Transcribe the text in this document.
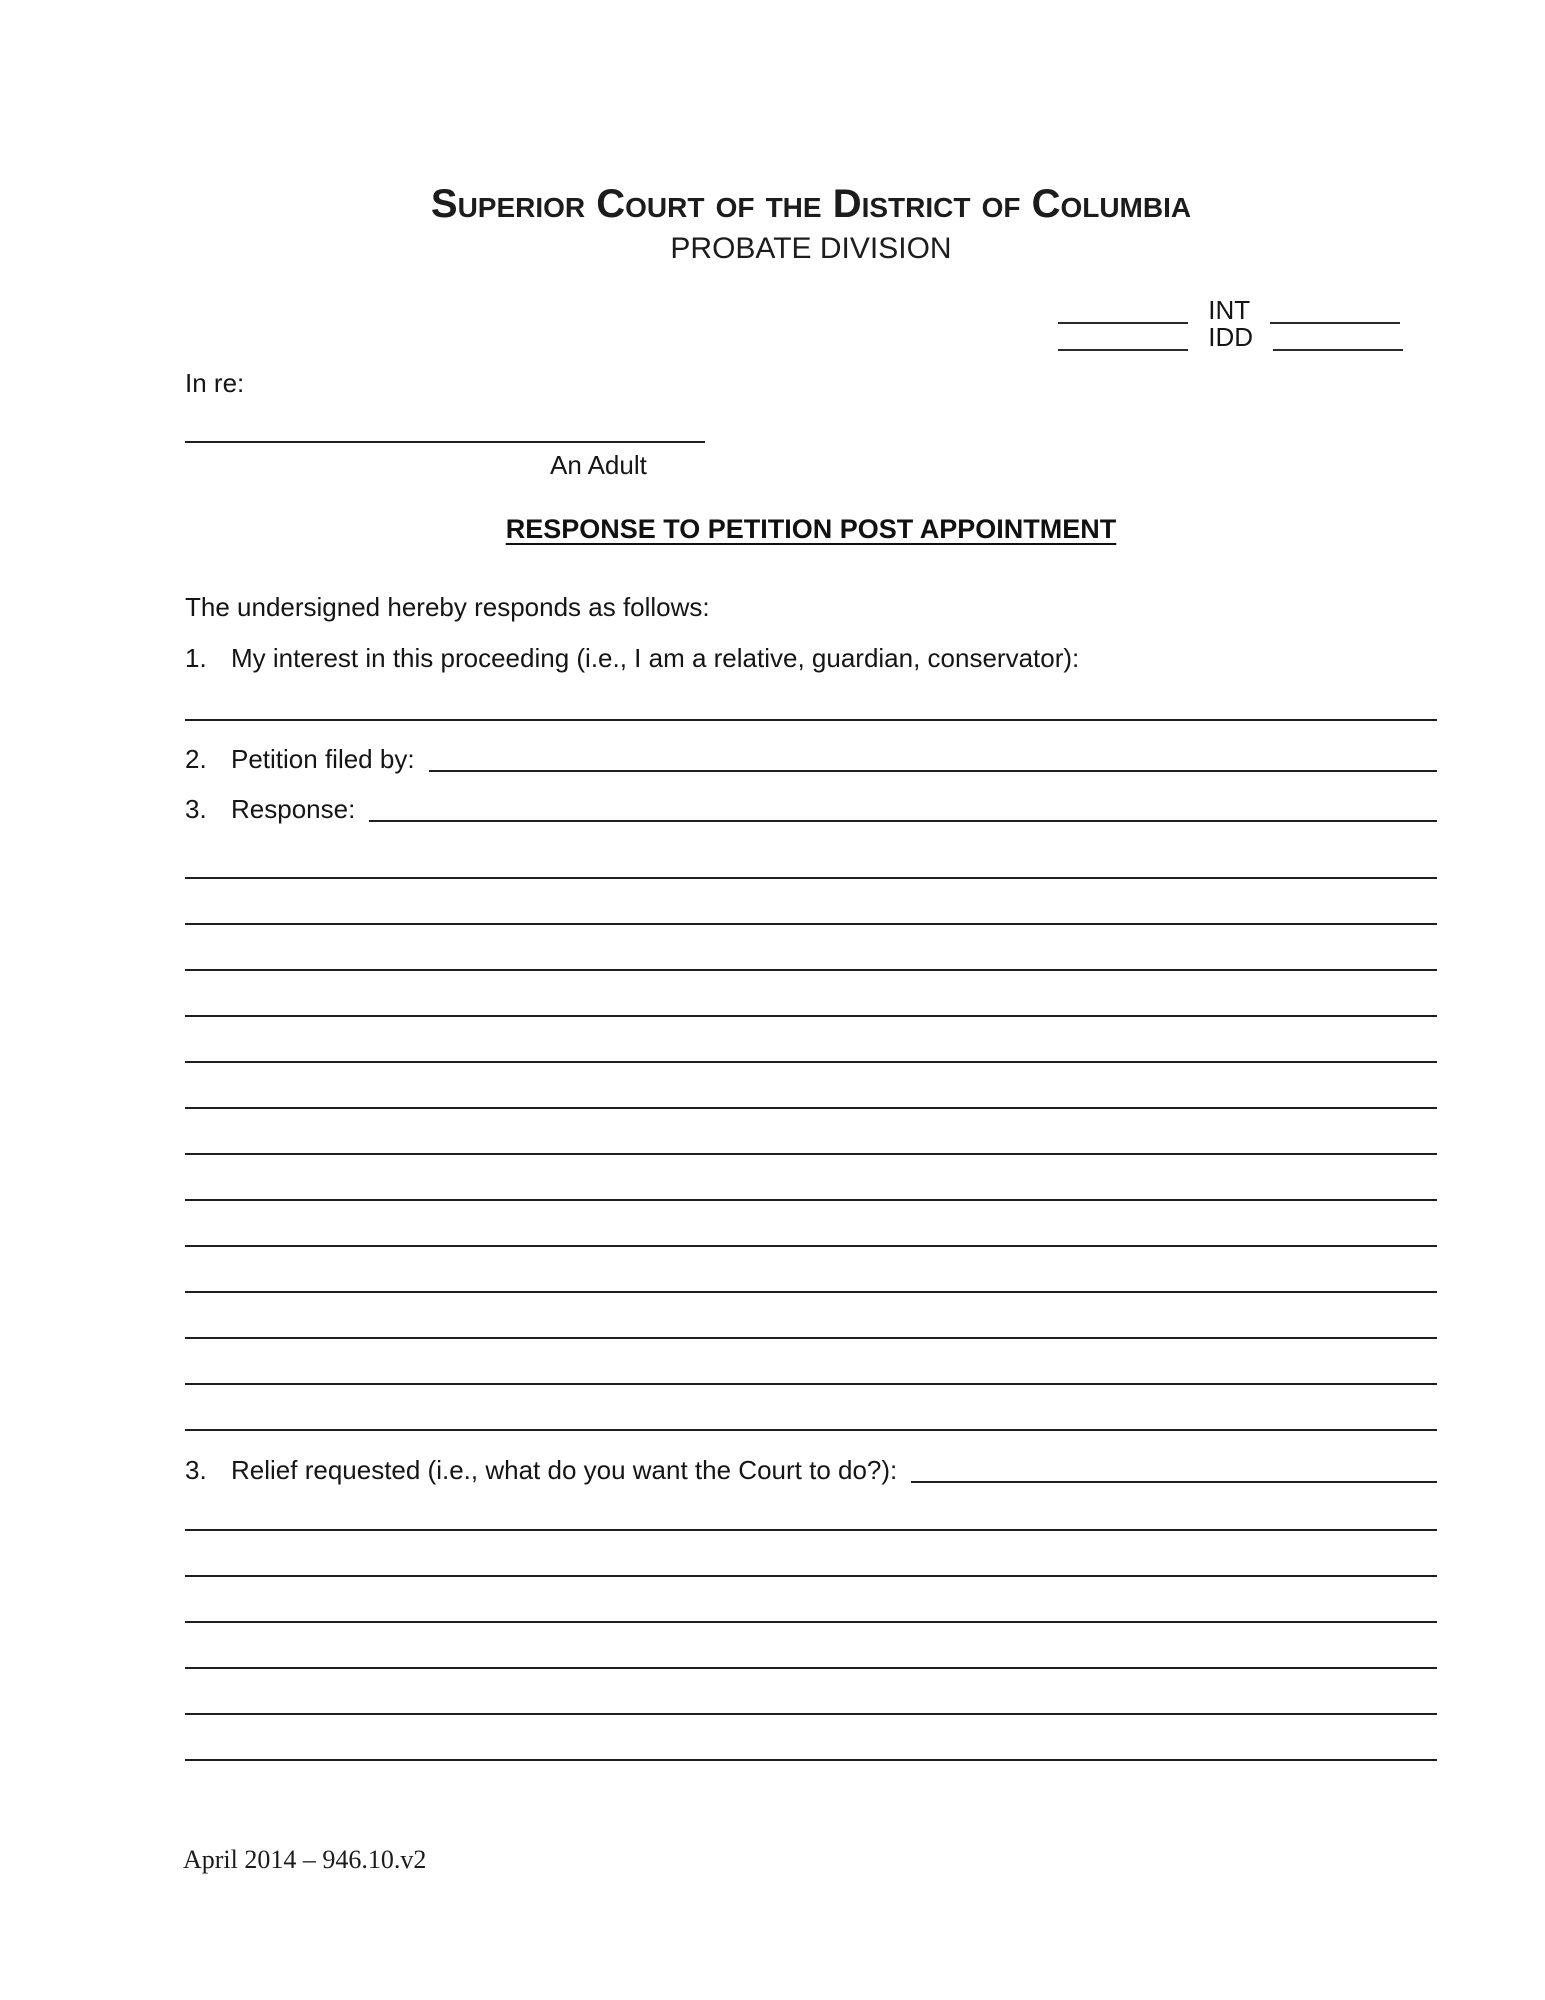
Superior Court of the District of Columbia
PROBATE DIVISION
INT
IDD
In re:
An Adult
RESPONSE TO PETITION POST APPOINTMENT

The undersigned hereby responds as follows:

1. My interest in this proceeding (i.e., I am a relative, guardian, conservator):
2. Petition filed by:
3. Response:
3. Relief requested (i.e., what do you want the Court to do?):
April 2014 – 946.10.v2
